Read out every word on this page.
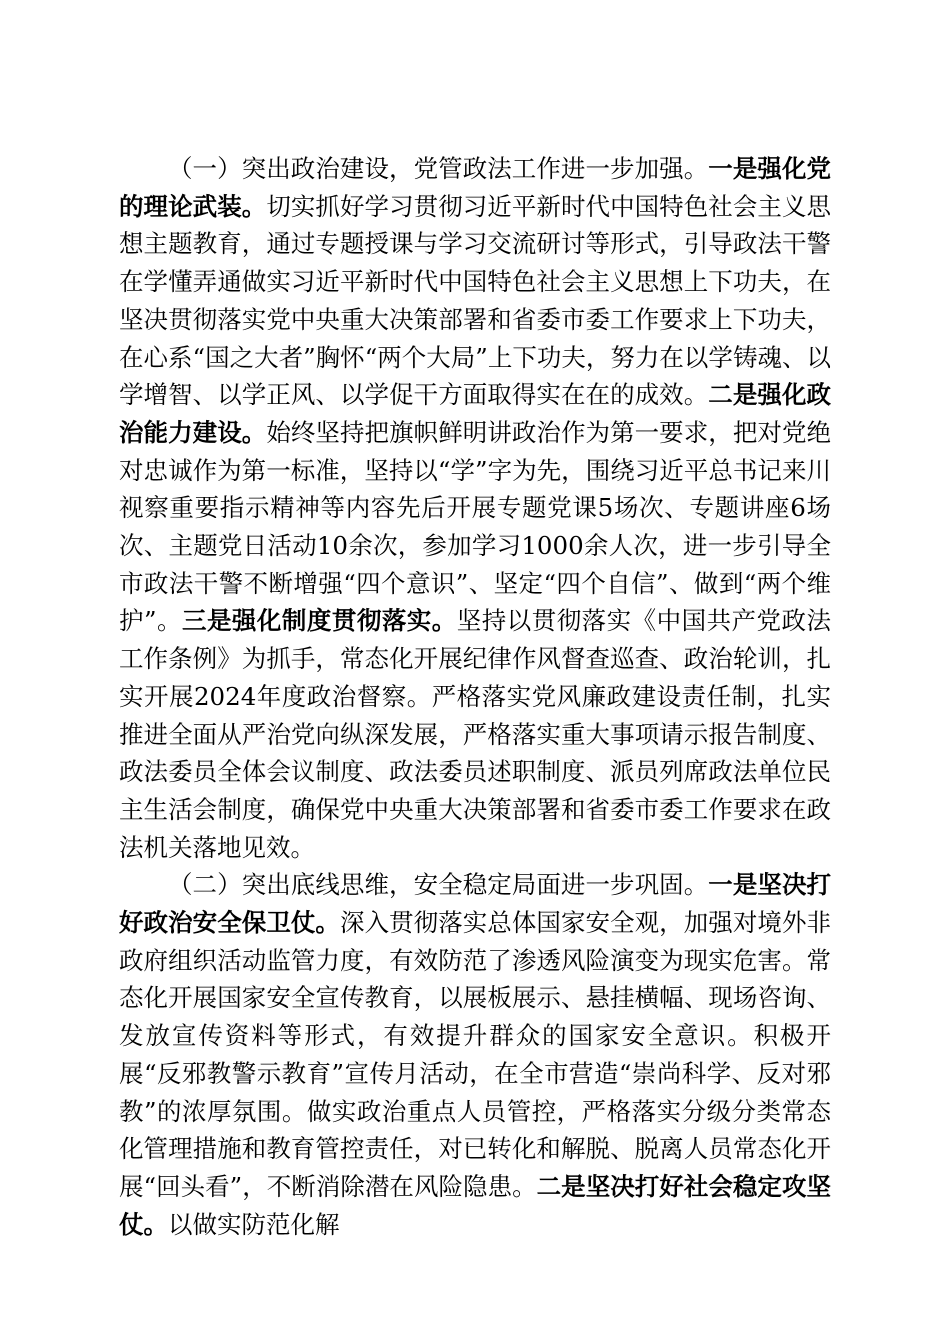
（一）突出政治建设，党管政法工作进一步加强。一是强化党的理论武装。切实抓好学习贯彻习近平新时代中国特色社会主义思想主题教育，通过专题授课与学习交流研讨等形式，引导政法干警在学懂弄通做实习近平新时代中国特色社会主义思想上下功夫，在坚决贯彻落实党中央重大决策部署和省委市委工作要求上下功夫，在心系“国之大者”胸怀“两个大局”上下功夫，努力在以学铸魂、以学增智、以学正风、以学促干方面取得实在在的成效。二是强化政治能力建设。始终坚持把旗帜鲜明讲政治作为第一要求，把对党绝对忠诚作为第一标准，坚持以“学”字为先，围绕习近平总书记来川视察重要指示精神等内容先后开展专题党课5场次、专题讲座6场次、主题党日活动10余次，参加学习1000余人次，进一步引导全市政法干警不断增强“四个意识”、坚定“四个自信”、做到“两个维护”。三是强化制度贯彻落实。坚持以贯彻落实《中国共产党政法工作条例》为抓手，常态化开展纪律作风督查巡查、政治轮训，扎实开展2024年度政治督察。严格落实党风廉政建设责任制，扎实推进全面从严治党向纵深发展，严格落实重大事项请示报告制度、政法委员全体会议制度、政法委员述职制度、派员列席政法单位民主生活会制度，确保党中央重大决策部署和省委市委工作要求在政法机关落地见效。

（二）突出底线思维，安全稳定局面进一步巩固。一是坚决打好政治安全保卫仗。深入贯彻落实总体国家安全观，加强对境外非政府组织活动监管力度，有效防范了渗透风险演变为现实危害。常态化开展国家安全宣传教育，以展板展示、悬挂横幅、现场咨询、发放宣传资料等形式，有效提升群众的国家安全意识。积极开展“反邪教警示教育”宣传月活动，在全市营造“崇尚科学、反对邪教”的浓厚氛围。做实政治重点人员管控，严格落实分级分类常态化管理措施和教育管控责任，对已转化和解脱、脱离人员常态化开展“回头看”，不断消除潜在风险隐患。二是坚决打好社会稳定攻坚仗。以做实防范化解
